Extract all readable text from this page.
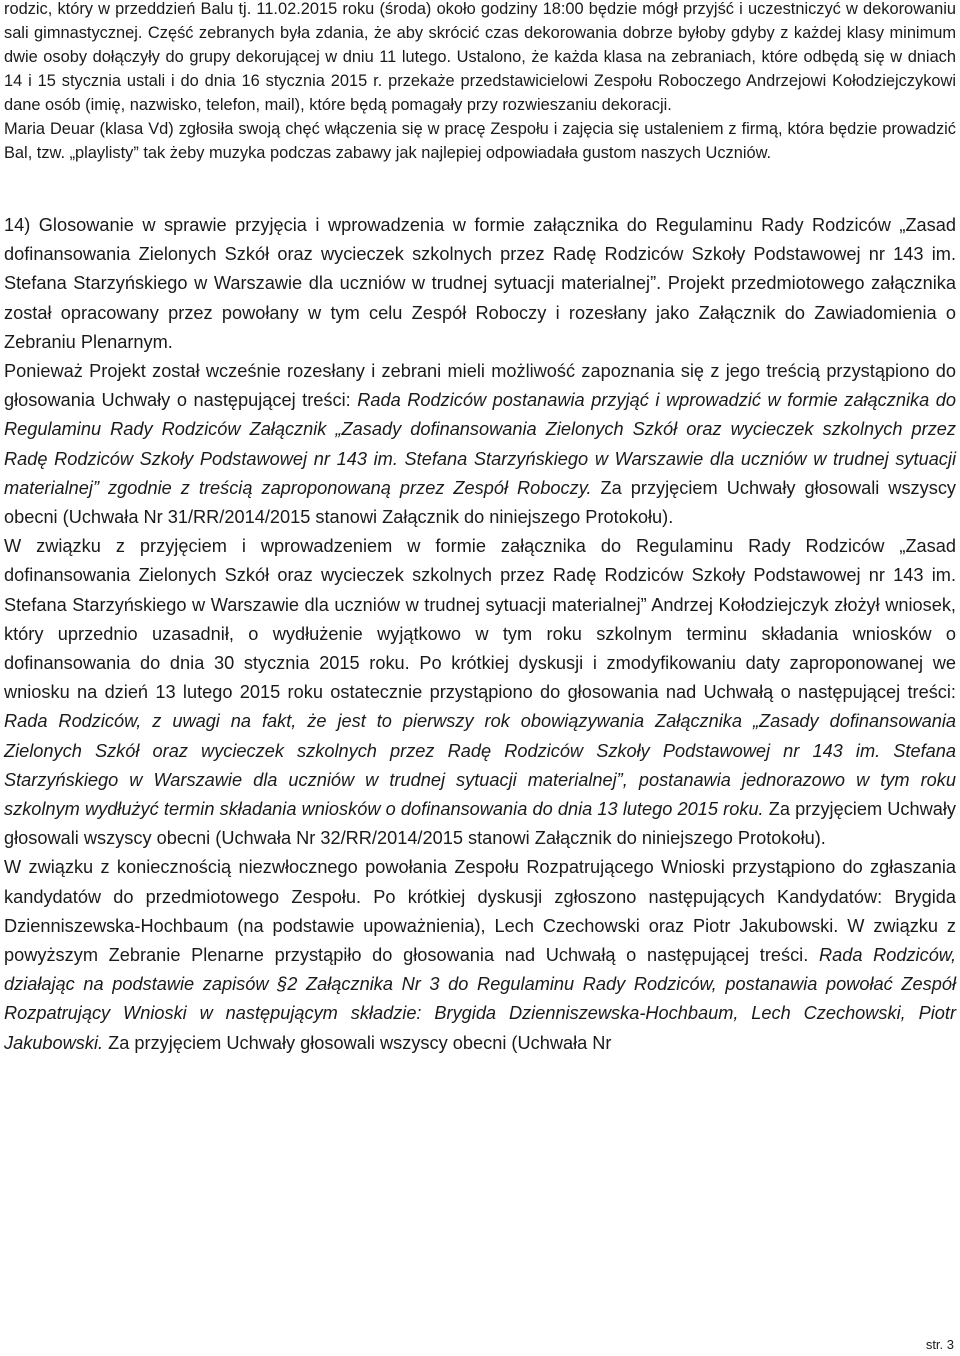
rodzic, który w przeddzień Balu tj. 11.02.2015 roku (środa) około godziny 18:00 będzie mógł przyjść i uczestniczyć w dekorowaniu sali gimnastycznej. Część zebranych była zdania, że aby skrócić czas dekorowania dobrze byłoby gdyby z każdej klasy minimum dwie osoby dołączyły do grupy dekorującej w dniu 11 lutego. Ustalono, że każda klasa na zebraniach, które odbędą się w dniach 14 i 15 stycznia ustali i do dnia 16 stycznia 2015 r. przekaże przedstawicielowi Zespołu Roboczego Andrzejowi Kołodziejczykowi dane osób (imię, nazwisko, telefon, mail), które będą pomagały przy rozwieszaniu dekoracji.

Maria Deuar (klasa Vd) zgłosiła swoją chęć włączenia się w pracę Zespołu i zajęcia się ustaleniem z firmą, która będzie prowadzić Bal, tzw. „playlisty” tak żeby muzyka podczas zabawy jak najlepiej odpowiadała gustom naszych Uczniów.

14) Glosowanie w sprawie przyjęcia i wprowadzenia w formie załącznika do Regulaminu Rady Rodziców „Zasad dofinansowania Zielonych Szkół oraz wycieczek szkolnych przez Radę Rodziców Szkoły Podstawowej nr 143 im. Stefana Starzyńskiego w Warszawie dla uczniów w trudnej sytuacji materialnej”. Projekt przedmiotowego załącznika został opracowany przez powołany w tym celu Zespół Roboczy i rozesłany jako Załącznik do Zawiadomienia o Zebraniu Plenarnym.

Ponieważ Projekt został wcześnie rozesłany i zebrani mieli możliwość zapoznania się z jego treścią przystąpiono do głosowania Uchwały o następującej treści: Rada Rodziców postanawia przyjąć i wprowadzić w formie załącznika do Regulaminu Rady Rodziców Załącznik „Zasady dofinansowania Zielonych Szkół oraz wycieczek szkolnych przez Radę Rodziców Szkoły Podstawowej nr 143 im. Stefana Starzyńskiego w Warszawie dla uczniów w trudnej sytuacji materialnej” zgodnie z treścią zaproponowaną przez Zespół Roboczy. Za przyjęciem Uchwały głosowali wszyscy obecni (Uchwała Nr 31/RR/2014/2015 stanowi Załącznik do niniejszego Protokołu).

W związku z przyjęciem i wprowadzeniem w formie załącznika do Regulaminu Rady Rodziców „Zasad dofinansowania Zielonych Szkół oraz wycieczek szkolnych przez Radę Rodziców Szkoły Podstawowej nr 143 im. Stefana Starzyńskiego w Warszawie dla uczniów w trudnej sytuacji materialnej” Andrzej Kołodziejczyk złożył wniosek, który uprzednio uzasadnił, o wydłużenie wyjątkowo w tym roku szkolnym terminu składania wniosków o dofinansowania do dnia 30 stycznia 2015 roku. Po krótkiej dyskusji i zmodyfikowaniu daty zaproponowanej we wniosku na dzień 13 lutego 2015 roku ostatecznie przystąpiono do głosowania nad Uchwałą o następującej treści: Rada Rodziców, z uwagi na fakt, że jest to pierwszy rok obowiązywania Załącznika „Zasady dofinansowania Zielonych Szkół oraz wycieczek szkolnych przez Radę Rodziców Szkoły Podstawowej nr 143 im. Stefana Starzyńskiego w Warszawie dla uczniów w trudnej sytuacji materialnej”, postanawia jednorazowo w tym roku szkolnym wydłużyć termin składania wniosków o dofinansowania do dnia 13 lutego 2015 roku. Za przyjęciem Uchwały głosowali wszyscy obecni (Uchwała Nr 32/RR/2014/2015 stanowi Załącznik do niniejszego Protokołu).

W związku z koniecznością niezwłocznego powołania Zespołu Rozpatrującego Wnioski przystąpiono do zgłaszania kandydatów do przedmiotowego Zespołu. Po krótkiej dyskusji zgłoszono następujących Kandydatów: Brygida Dzienniszewska-Hochbaum (na podstawie upoważnienia), Lech Czechowski oraz Piotr Jakubowski. W związku z powyższym Zebranie Plenarne przystąpiło do głosowania nad Uchwałą o następującej treści. Rada Rodziców, działając na podstawie zapisów §2 Załącznika Nr 3 do Regulaminu Rady Rodziców, postanawia powołać Zespół Rozpatrujący Wnioski w następującym składzie: Brygida Dzienniszewska-Hochbaum, Lech Czechowski, Piotr Jakubowski. Za przyjęciem Uchwały głosowali wszyscy obecni (Uchwała Nr

str. 3
